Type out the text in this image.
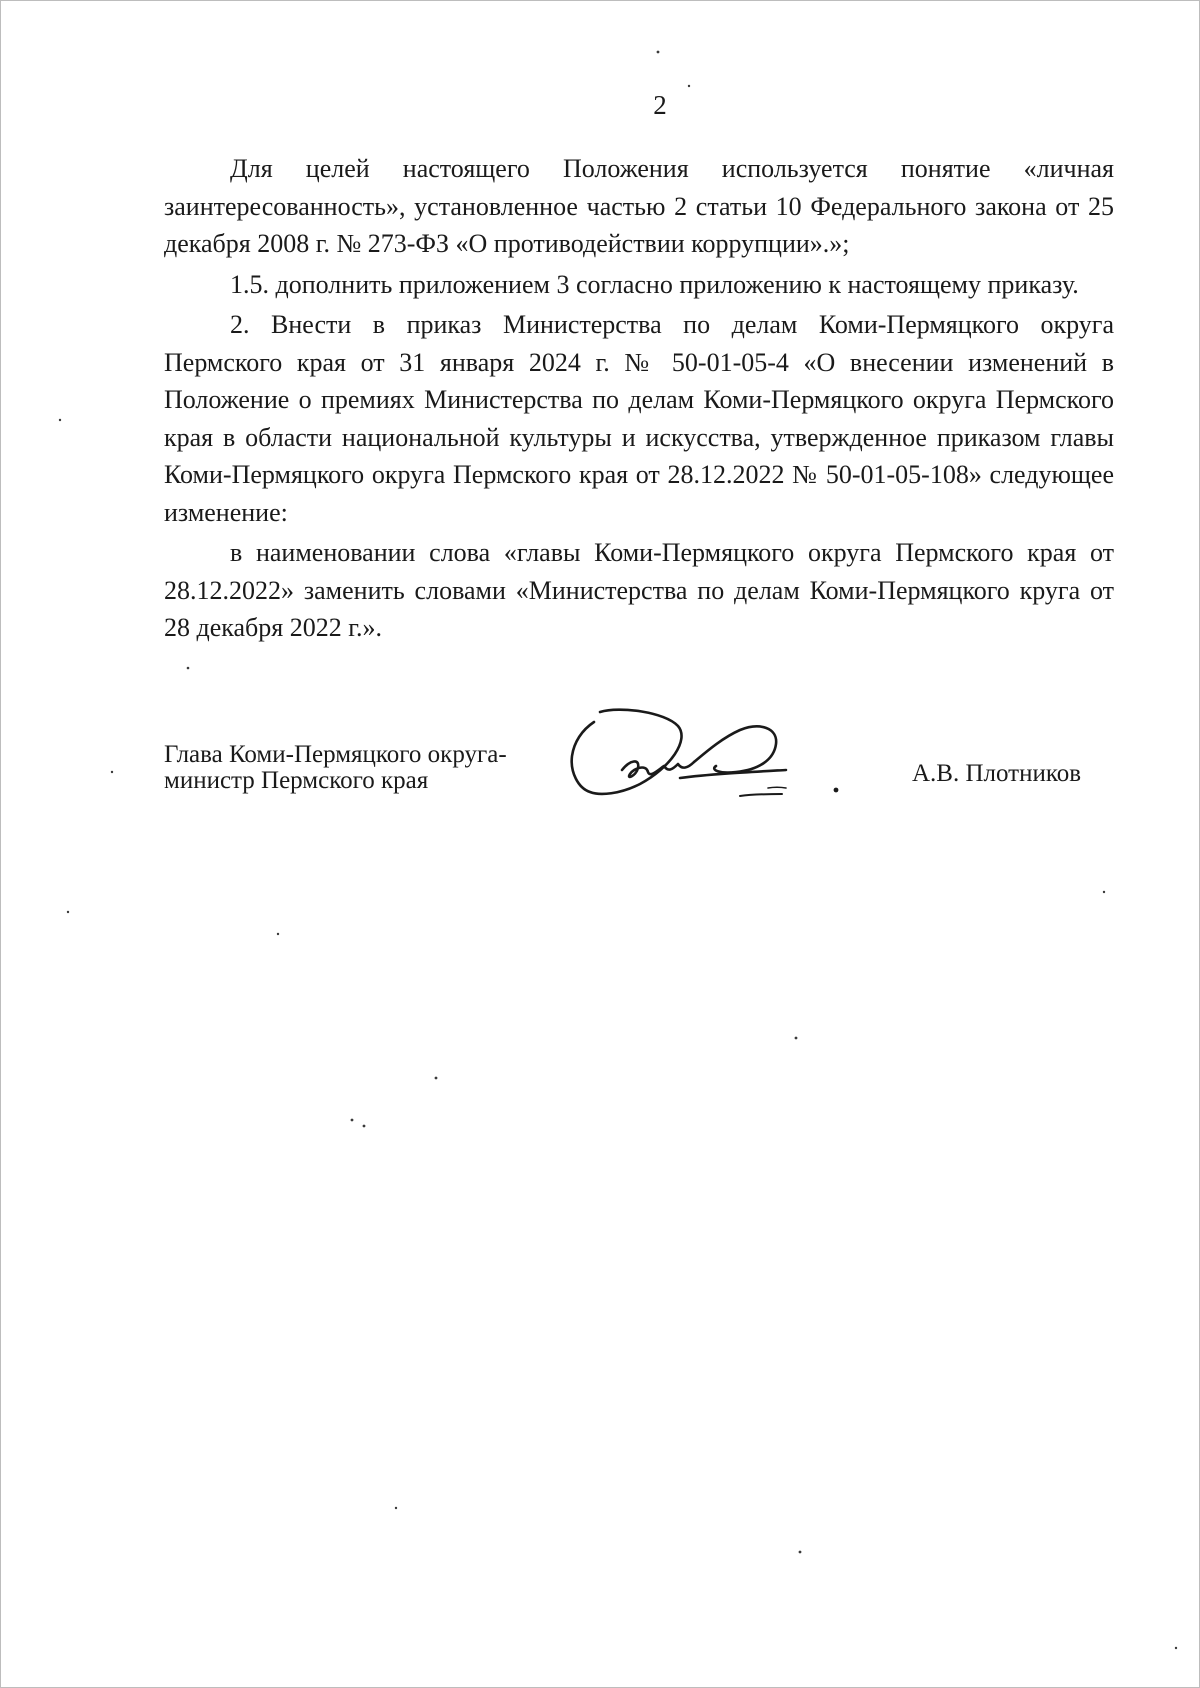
2

Для целей настоящего Положения используется понятие «личная заинтересованность», установленное частью 2 статьи 10 Федерального закона от 25 декабря 2008 г. № 273-ФЗ «О противодействии коррупции».»;

1.5. дополнить приложением 3 согласно приложению к настоящему приказу.

2. Внести в приказ Министерства по делам Коми-Пермяцкого округа Пермского края от 31 января 2024 г. № 50-01-05-4 «О внесении изменений в Положение о премиях Министерства по делам Коми-Пермяцкого округа Пермского края в области национальной культуры и искусства, утвержденное приказом главы Коми-Пермяцкого округа Пермского края от 28.12.2022 № 50-01-05-108» следующее изменение:

в наименовании слова «главы Коми-Пермяцкого округа Пермского края от 28.12.2022» заменить словами «Министерства по делам Коми-Пермяцкого круга от 28 декабря 2022 г.».

Глава Коми-Пермяцкого округа-
министр Пермского края	А.В. Плотников
